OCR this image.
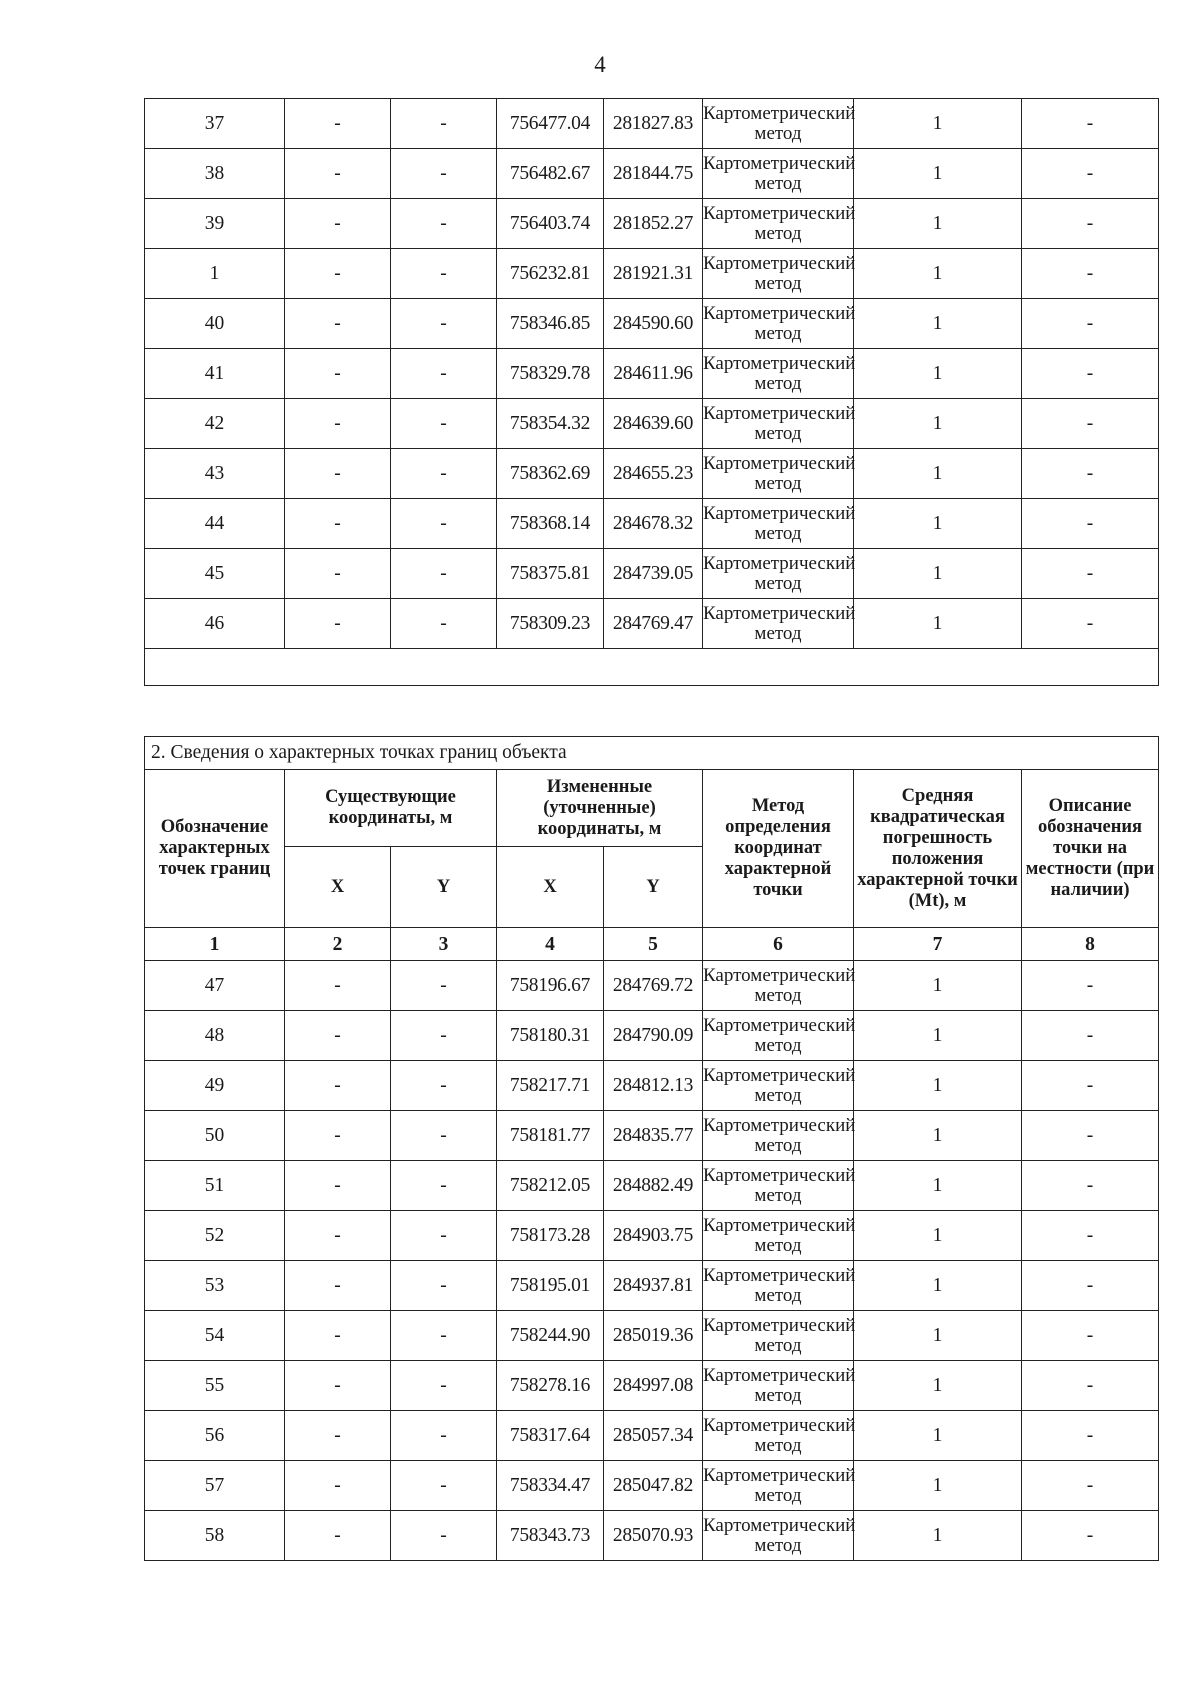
4
37	-	-	756477.04	281827.83	Картометрический метод	1	-
38	-	-	756482.67	281844.75	Картометрический метод	1	-
39	-	-	756403.74	281852.27	Картометрический метод	1	-
1	-	-	756232.81	281921.31	Картометрический метод	1	-
40	-	-	758346.85	284590.60	Картометрический метод	1	-
41	-	-	758329.78	284611.96	Картометрический метод	1	-
42	-	-	758354.32	284639.60	Картометрический метод	1	-
43	-	-	758362.69	284655.23	Картометрический метод	1	-
44	-	-	758368.14	284678.32	Картометрический метод	1	-
45	-	-	758375.81	284739.05	Картометрический метод	1	-
46	-	-	758309.23	284769.47	Картометрический метод	1	-

2. Сведения о характерных точках границ объекта							
Обозначение характерных точек границ	Существующие координаты, м		Измененные (уточненные) координаты, м		Метод определения координат характерной точки	Средняя квадратическая погрешность положения характерной точки (Mt), м	Описание обозначения точки на местности (при наличии)
	X	Y	X	Y			
1	2	3	4	5	6	7	8
47	-	-	758196.67	284769.72	Картометрический метод	1	-
48	-	-	758180.31	284790.09	Картометрический метод	1	-
49	-	-	758217.71	284812.13	Картометрический метод	1	-
50	-	-	758181.77	284835.77	Картометрический метод	1	-
51	-	-	758212.05	284882.49	Картометрический метод	1	-
52	-	-	758173.28	284903.75	Картометрический метод	1	-
53	-	-	758195.01	284937.81	Картометрический метод	1	-
54	-	-	758244.90	285019.36	Картометрический метод	1	-
55	-	-	758278.16	284997.08	Картометрический метод	1	-
56	-	-	758317.64	285057.34	Картометрический метод	1	-
57	-	-	758334.47	285047.82	Картометрический метод	1	-
58	-	-	758343.73	285070.93	Картометрический метод	1	-
